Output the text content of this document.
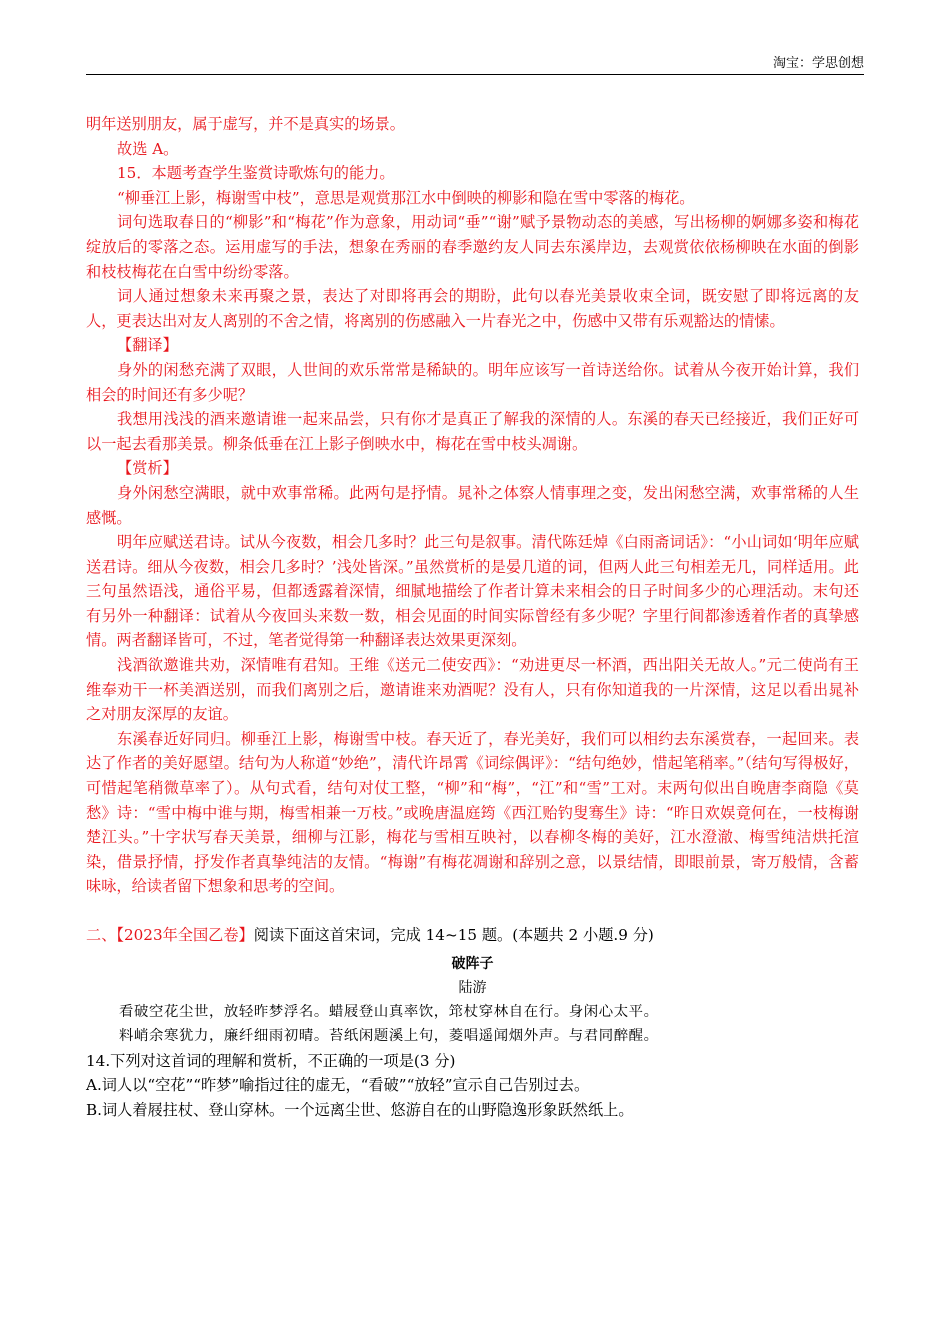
淘宝：学思创想

明年送别朋友，属于虚写，并不是真实的场景。

故选 A。

15．本题考查学生鉴赏诗歌炼句的能力。

“柳垂江上影，梅谢雪中枝”，意思是观赏那江水中倒映的柳影和隐在雪中零落的梅花。

词句选取春日的“柳影”和“梅花”作为意象，用动词“垂”“谢”赋予景物动态的美感，写出杨柳的婀娜多姿和梅花绽放后的零落之态。运用虚写的手法，想象在秀丽的春季邀约友人同去东溪岸边，去观赏依依杨柳映在水面的倒影和枝枝梅花在白雪中纷纷零落。

词人通过想象未来再聚之景，表达了对即将再会的期盼，此句以春光美景收束全词，既安慰了即将远离的友人，更表达出对友人离别的不舍之情，将离别的伤感融入一片春光之中，伤感中又带有乐观豁达的情愫。

【翻译】

身外的闲愁充满了双眼，人世间的欢乐常常是稀缺的。明年应该写一首诗送给你。试着从今夜开始计算，我们相会的时间还有多少呢？

我想用浅浅的酒来邀请谁一起来品尝，只有你才是真正了解我的深情的人。东溪的春天已经接近，我们正好可以一起去看那美景。柳条低垂在江上影子倒映水中，梅花在雪中枝头凋谢。

【赏析】

身外闲愁空满眼，就中欢事常稀。此两句是抒情。晁补之体察人情事理之变，发出闲愁空满，欢事常稀的人生感慨。

明年应赋送君诗。试从今夜数，相会几多时？此三句是叙事。清代陈廷焯《白雨斋词话》：“小山词如‘明年应赋送君诗。细从今夜数，相会几多时？’浅处皆深。”虽然赏析的是晏几道的词，但两人此三句相差无几，同样适用。此三句虽然语浅，通俗平易，但都透露着深情，细腻地描绘了作者计算未来相会的日子时间多少的心理活动。末句还有另外一种翻译：试着从今夜回头来数一数，相会见面的时间实际曾经有多少呢？字里行间都渗透着作者的真挚感情。两者翻译皆可，不过，笔者觉得第一种翻译表达效果更深刻。

浅酒欲邀谁共劝，深情唯有君知。王维《送元二使安西》：“劝进更尽一杯酒，西出阳关无故人。”元二使尚有王维奉劝干一杯美酒送别，而我们离别之后，邀请谁来劝酒呢？没有人，只有你知道我的一片深情，这足以看出晁补之对朋友深厚的友谊。

东溪春近好同归。柳垂江上影，梅谢雪中枝。春天近了，春光美好，我们可以相约去东溪赏春，一起回来。表达了作者的美好愿望。结句为人称道“妙绝”，清代许昂霄《词综偶评》：“结句绝妙，惜起笔稍率。”（结句写得极好，可惜起笔稍微草率了）。从句式看，结句对仗工整，“柳”和“梅”，“江”和“雪”工对。末两句似出自晚唐李商隐《莫愁》诗：“雪中梅中谁与期，梅雪相兼一万枝。”或晚唐温庭筠《西江贻钓叟骞生》诗：“昨日欢娱竟何在，一枝梅谢楚江头。”十字状写春天美景，细柳与江影，梅花与雪相互映衬，以春柳冬梅的美好，江水澄澈、梅雪纯洁烘托渲染，借景抒情，抒发作者真挚纯洁的友情。“梅谢”有梅花凋谢和辞别之意，以景结情，即眼前景，寄万般情，含蓄味咏，给读者留下想象和思考的空间。

二、【2023年全国乙卷】阅读下面这首宋词，完成 14~15 题。(本题共 2 小题.9 分)

破阵子

陆游

看破空花尘世，放轻昨梦浮名。蜡屐登山真率饮，筇杖穿林自在行。身闲心太平。

料峭余寒犹力，廉纤细雨初晴。苔纸闲题溪上句，菱唱遥闻烟外声。与君同醉醒。

14.下列对这首词的理解和赏析，不正确的一项是(3 分)

A.词人以“空花”“昨梦”喻指过往的虚无，“看破”“放轻”宣示自己告别过去。

B.词人着屐拄杖、登山穿林。一个远离尘世、悠游自在的山野隐逸形象跃然纸上。
